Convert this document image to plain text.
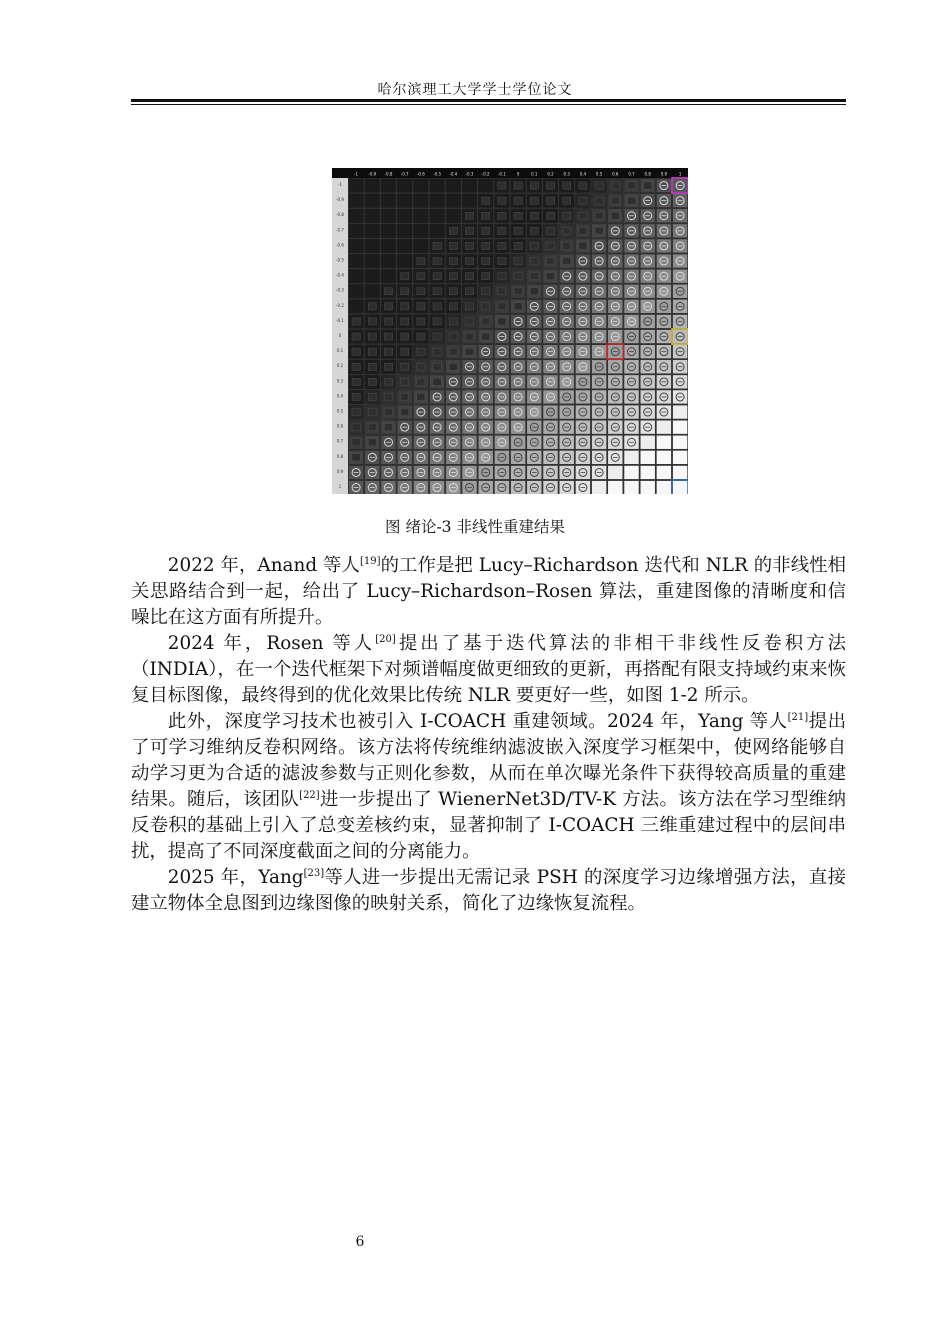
哈尔滨理工大学学士学位论文
-1	-0.9 -0.8 -0.7 -0.6 -0.5 -0.4 -0.3 -0.2 -0.1	0	0.1 0.2 0.3 0.4 0.5 0.6 0.7 0.8 0.9	1
-1
-0.9
-0.8
-0.7
-0.6
-0.5
-0.4
-0.3
-0.2
-0.1
0
0.1
0.2
0.3
0.4
0.5
0.6
0.7
0.8
0.9
1
图 绪论-3 非线性重建结果

2022 年，Anand 等人[19]的工作是把 Lucy–Richardson 迭代和 NLR 的非线性相关思路结合到一起，给出了 Lucy–Richardson–Rosen 算法，重建图像的清晰度和信噪比在这方面有所提升。

2024 年，Rosen 等人[20]提出了基于迭代算法的非相干非线性反卷积方法（INDIA），在一个迭代框架下对频谱幅度做更细致的更新，再搭配有限支持域约束来恢复目标图像，最终得到的优化效果比传统 NLR 要更好一些，如图 1-2 所示。

此外，深度学习技术也被引入 I-COACH 重建领域。2024 年，Yang 等人[21]提出了可学习维纳反卷积网络。该方法将传统维纳滤波嵌入深度学习框架中，使网络能够自动学习更为合适的滤波参数与正则化参数，从而在单次曝光条件下获得较高质量的重建结果。随后，该团队[22]进一步提出了 WienerNet3D/TV-K 方法。该方法在学习型维纳反卷积的基础上引入了总变差核约束，显著抑制了 I-COACH 三维重建过程中的层间串扰，提高了不同深度截面之间的分离能力。

2025 年，Yang[23]等人进一步提出无需记录 PSH 的深度学习边缘增强方法，直接建立物体全息图到边缘图像的映射关系，简化了边缘恢复流程。

6
